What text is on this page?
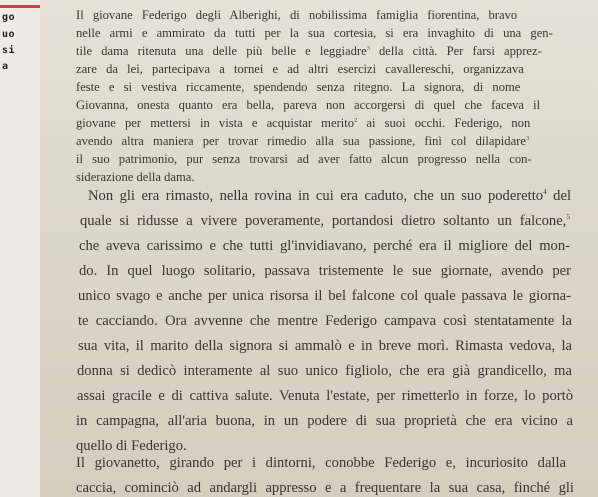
go
uo
si
a
Il giovane Federigo degli Alberighi, di nobilissima famiglia fiorentina, bravo
nelle armi e ammirato da tutti per la sua cortesia, si era invaghito di una gen-
tile dama ritenuta una delle più belle e leggiadre$^3$ della città. Per farsi apprez-
zare da lei, partecipava a tornei e ad altri esercizi cavallereschi, organizzava
feste e si vestiva riccamente, spendendo senza ritegno. La signora, di nome
Giovanna, onesta quanto era bella, pareva non accorgersi di quel che faceva il
giovane per mettersi in vista e acquistar merito$^2$ ai suoi occhi. Federigo, non
avendo altra maniera per trovar rimedio alla sua passione, finì col dilapidare$^3$
il suo patrimonio, pur senza trovarsi ad aver fatto alcun progresso nella con-
siderazione della dama.
Non gli era rimasto, nella rovina in cui era caduto, che un suo poderetto$^4$ del
quale si ridusse a vivere poveramente, portandosi dietro soltanto un falcone,$^5$
che aveva carissimo e che tutti gl'invidiavano, perché era il migliore del mon-
do. In quel luogo solitario, passava tristemente le sue giornate, avendo per
unico svago e anche per unica risorsa il bel falcone col quale passava le giorna-
te cacciando. Ora avvenne che mentre Federigo campava così stentatamente la
sua vita, il marito della signora si ammalò e in breve morì. Rimasta vedova, la
donna si dedicò interamente al suo unico figliolo, che era già grandicello, ma
assai gracile e di cattiva salute. Venuta l'estate, per rimetterlo in forze, lo portò
in campagna, all'aria buona, in un podere di sua proprietà che era vicino a
quello di Federigo.
Il giovanetto, girando per i dintorni, conobbe Federigo e, incuriosito dalla
caccia, cominciò ad andargli appresso e a frequentare la sua casa, finché gli
